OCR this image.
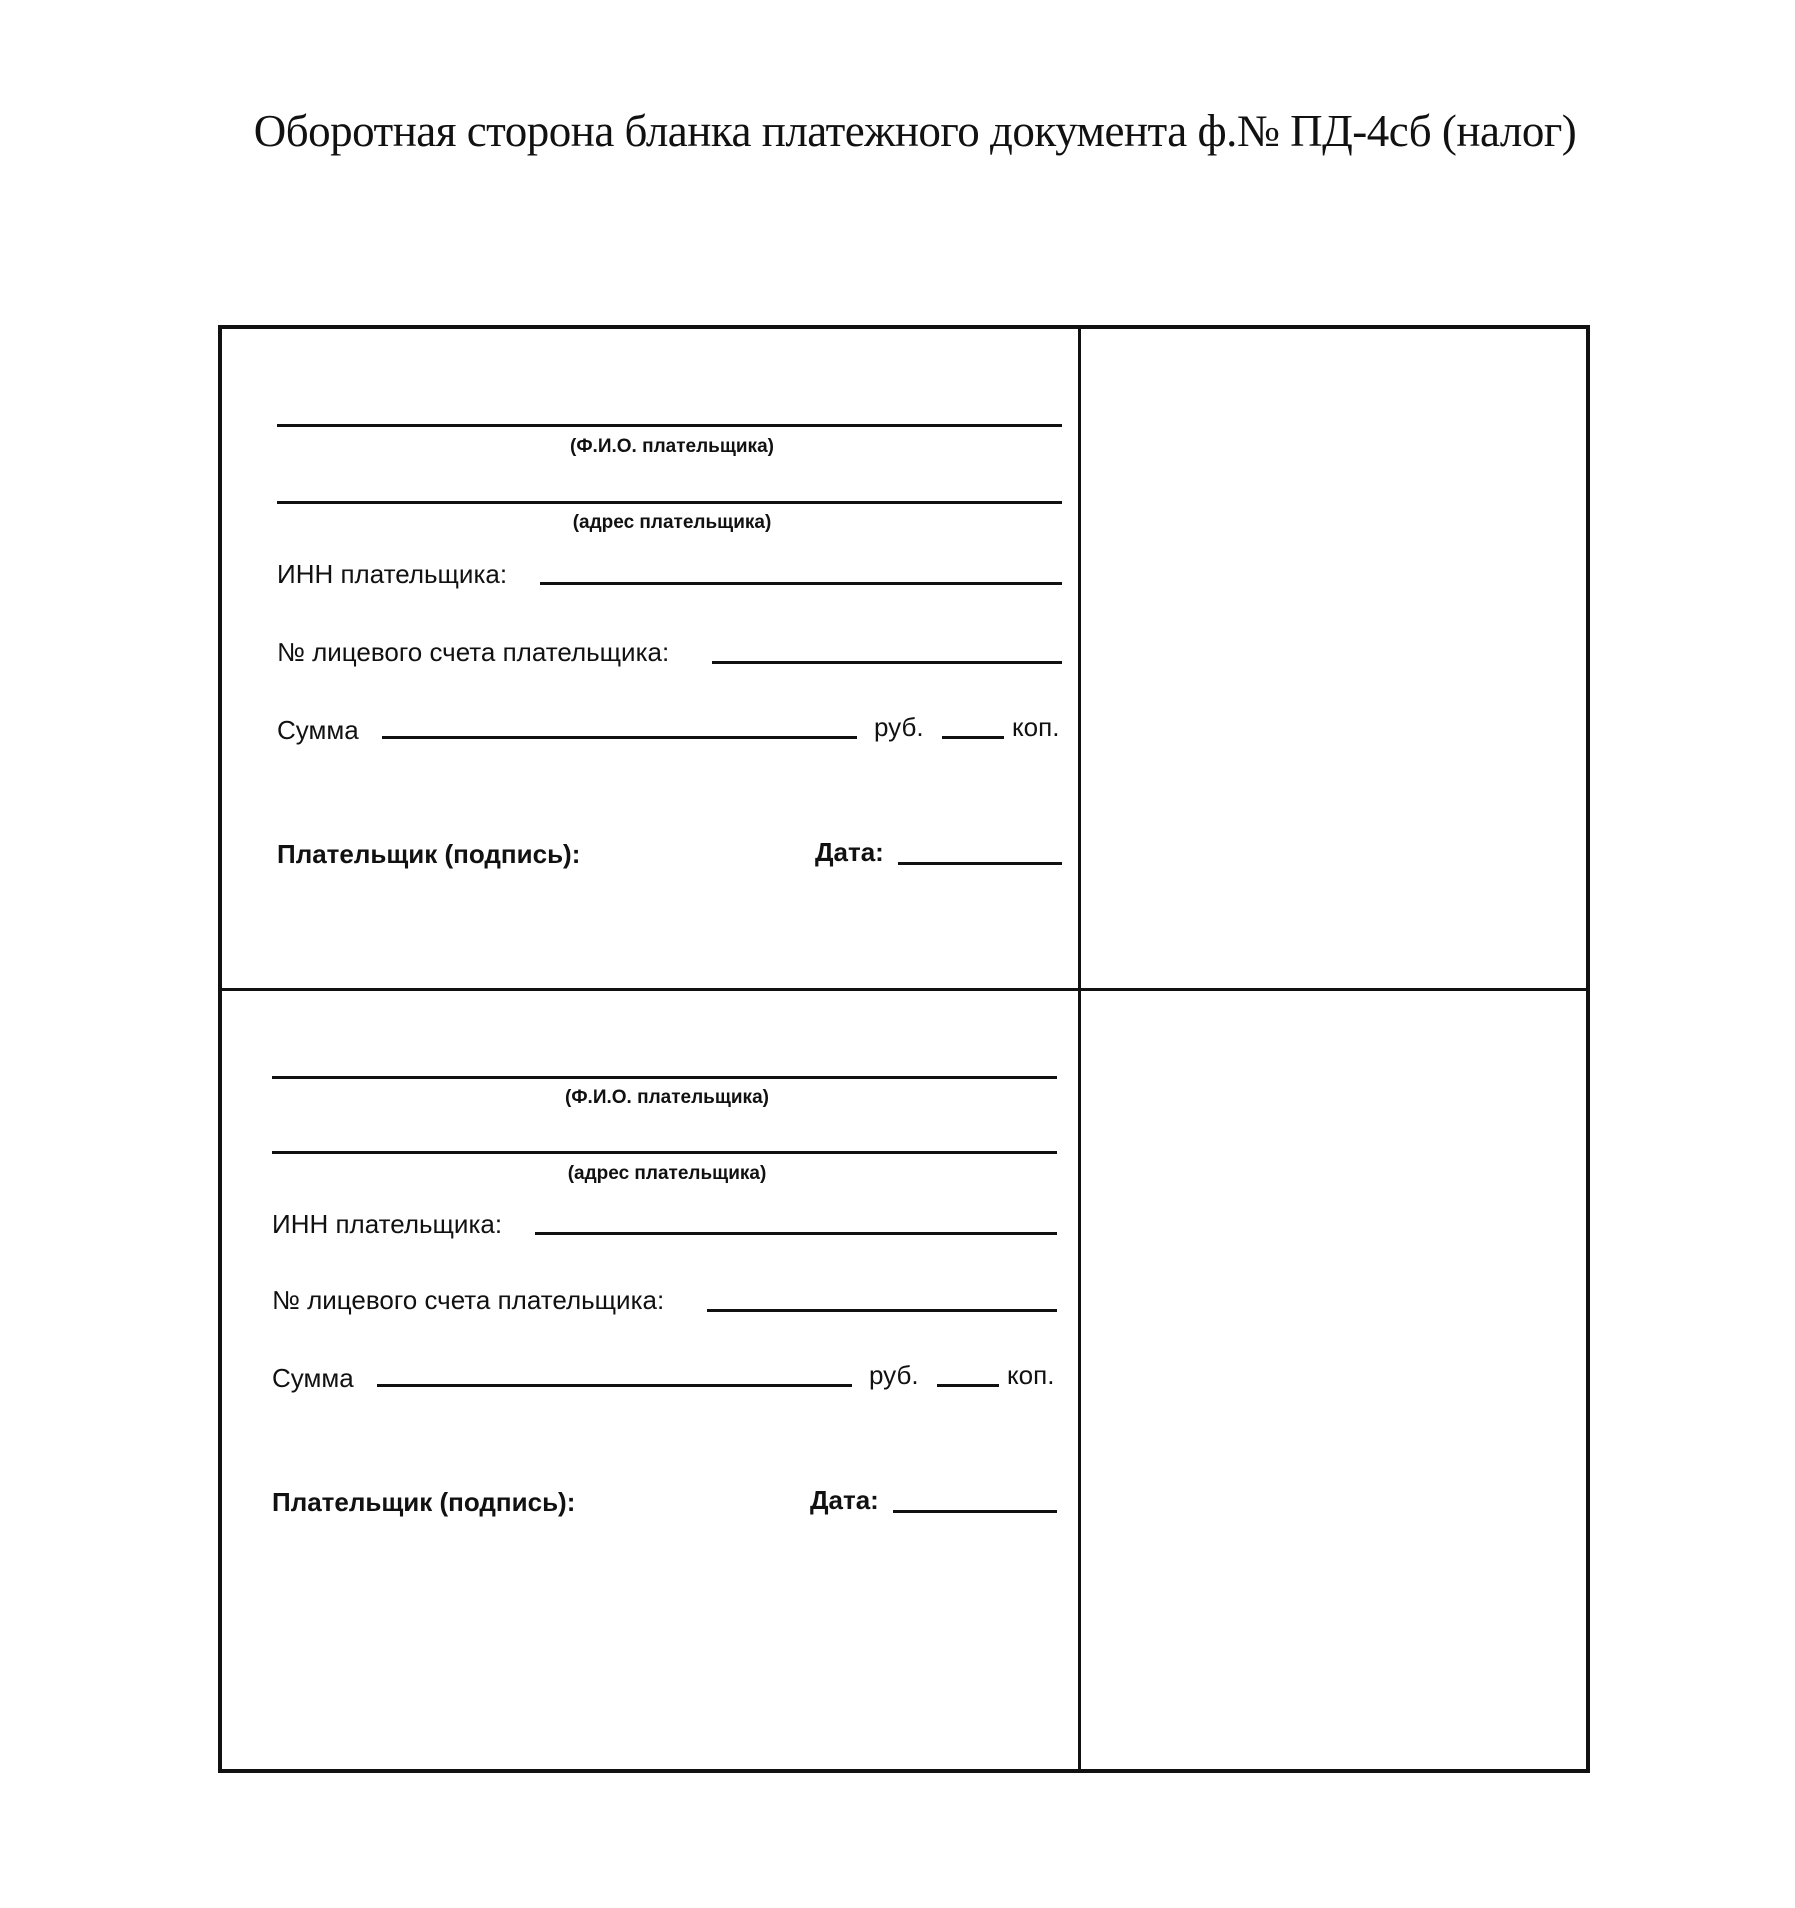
Оборотная сторона бланка платежного документа ф.№ ПД-4сб (налог)
(Ф.И.О. плательщика)
(адрес плательщика)
ИНН плательщика:
№ лицевого счета плательщика:
Сумма	руб.	коп.
Плательщик (подпись):	Дата:
(Ф.И.О. плательщика)
(адрес плательщика)
ИНН плательщика:
№ лицевого счета плательщика:
Сумма	руб.	коп.
Плательщик (подпись):	Дата:
